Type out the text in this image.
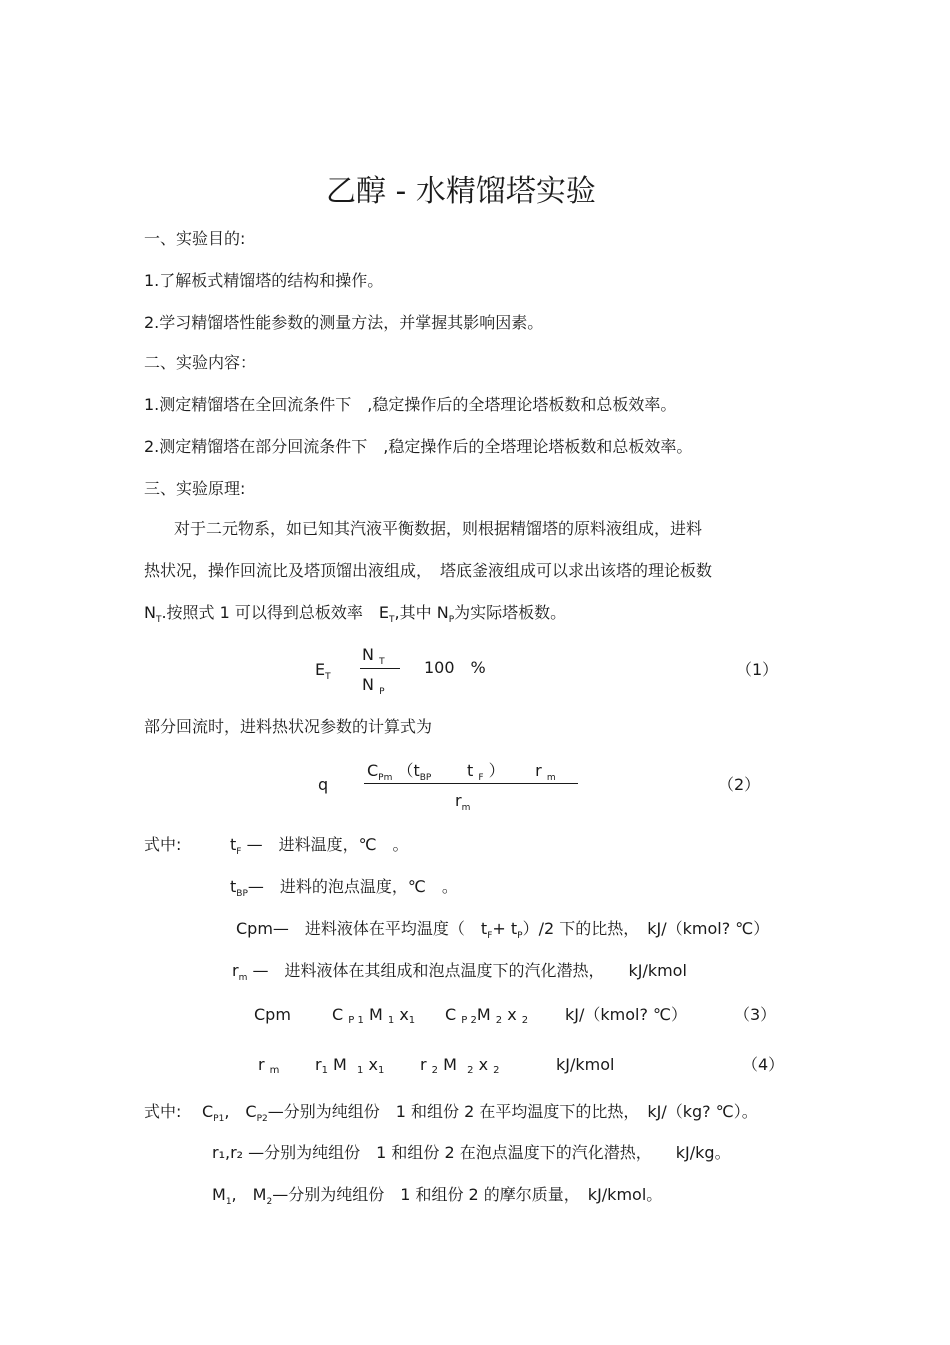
乙醇 - 水精馏塔实验
一、实验目的:
1.了解板式精馏塔的结构和操作。
2.学习精馏塔性能参数的测量方法，并掌握其影响因素。
二、实验内容：
1.测定精馏塔在全回流条件下　,稳定操作后的全塔理论塔板数和总板效率。
2.测定精馏塔在部分回流条件下　,稳定操作后的全塔理论塔板数和总板效率。
三、实验原理:
对于二元物系，如已知其汽液平衡数据，则根据精馏塔的原料液组成，进料
热状况，操作回流比及塔顶馏出液组成，　塔底釜液组成可以求出该塔的理论板数
$N_T$.按照式 1 可以得到总板效率　$E_T$,其中 $N_P$为实际塔板数。
$E_T$
N $_T$
N $_P$
100　%	（1）
部分回流时，进料热状况参数的计算式为
q
$C_{Pm}$ （$t_{BP}$ t $_F$ ） r $_m$
$r_m$
（2）
式中:	$t_F$ —　进料温度，℃　。
$t_{BP}—$　进料的泡点温度，℃　。
Cpm—　进料液体在平均温度（　$t_F+ t_P)/2$ 下的比热，　kJ/（kmol? ℃）
$r_m$ —　进料液体在其组成和泡点温度下的汽化潜热，　　kJ/kmol
Cpm	C P 1 M 1 x1 C P 2M 2 x 2 kJ/（kmol? ℃）	（3）
r m r1 M 1 x1 r 2 M 2 x 2	kJ/kmol	（4）
式中: $C_{P1}$,　$C_{P2}—$分别为纯组份　1 和组份 2 在平均温度下的比热，　kJ/（kg? ℃）。
r₁,r₂ —分别为纯组份　1 和组份 2 在泡点温度下的汽化潜热，　　kJ/kg。
$M_1$,　$M_2—$分别为纯组份　1 和组份 2 的摩尔质量，　kJ/kmol。
